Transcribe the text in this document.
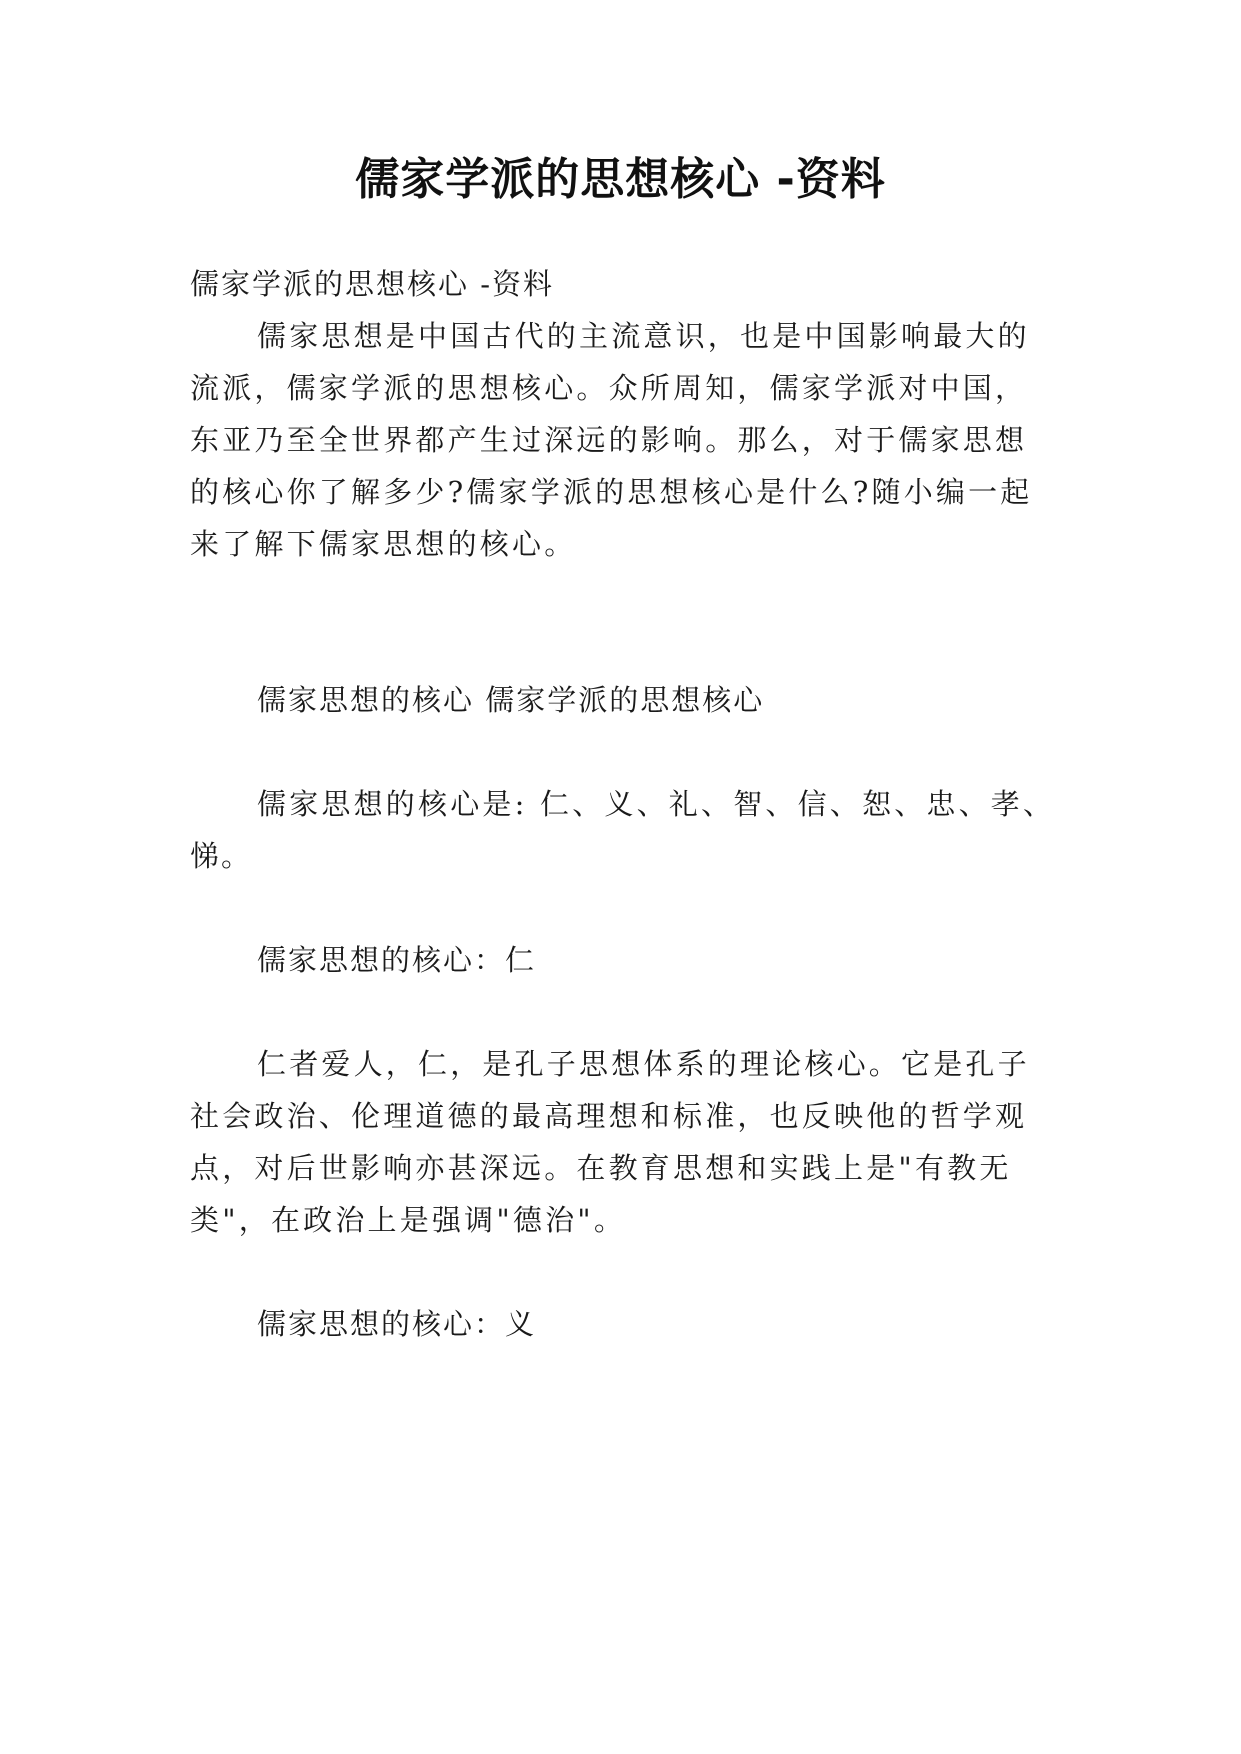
儒家学派的思想核心 -资料
儒家学派的思想核心 -资料
儒家思想是中国古代的主流意识，也是中国影响最大的
流派，儒家学派的思想核心。众所周知，儒家学派对中国，
东亚乃至全世界都产生过深远的影响。那么，对于儒家思想
的核心你了解多少?儒家学派的思想核心是什么?随小编一起
来了解下儒家思想的核心。
儒家思想的核心 儒家学派的思想核心
儒家思想的核心是: 仁、义、礼、智、信、恕、忠、孝、
悌。
儒家思想的核心：仁
仁者爱人，仁，是孔子思想体系的理论核心。它是孔子
社会政治、伦理道德的最高理想和标准，也反映他的哲学观
点，对后世影响亦甚深远。在教育思想和实践上是"有教无
类"，在政治上是强调"德治"。
儒家思想的核心：义
